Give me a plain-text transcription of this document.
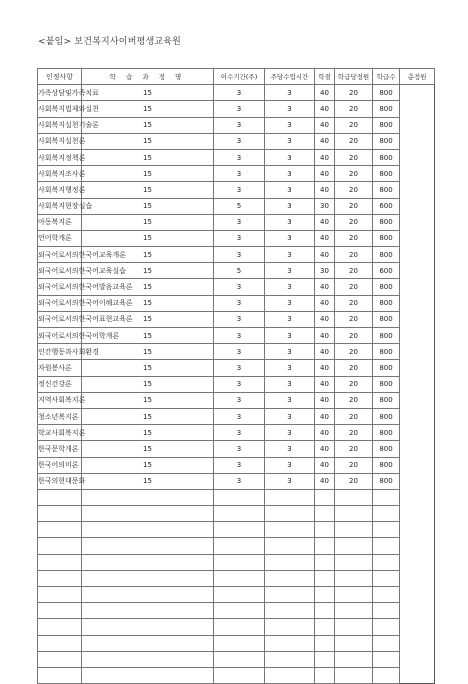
<붙임> 보건복지사이버평생교육원
인정사항	학 습 과 정 명	이수기간(주)	주당수업시간	학점	학급당정원	학급수	총정원
가족상담및가족치료	15	3	3	40	20	800	
사회복지법제와실천	15	3	3	40	20	800	
사회복지실천기술론	15	3	3	40	20	800	
사회복지실천론	15	3	3	40	20	800	
사회복지정책론	15	3	3	40	20	800	
사회복지조사론	15	3	3	40	20	800	
사회복지행정론	15	3	3	40	20	800	
사회복지현장실습	15	5	3	30	20	600	
아동복지론	15	3	3	40	20	800	
언어학개론	15	3	3	40	20	800	
외국어로서의한국어교육개론	15	3	3	40	20	800	
외국어로서의한국어교육실습	15	5	3	30	20	600	
외국어로서의한국어발음교육론	15	3	3	40	20	800	
외국어로서의한국어이해교육론	15	3	3	40	20	800	
외국어로서의한국어표현교육론	15	3	3	40	20	800	
외국어로서의한국어학개론	15	3	3	40	20	800	
인간행동과사회환경	15	3	3	40	20	800	
자원봉사론	15	3	3	40	20	800	
정신건강론	15	3	3	40	20	800	
지역사회복지론	15	3	3	40	20	800	
청소년복지론	15	3	3	40	20	800	
학교사회복지론	15	3	3	40	20	800	
한국문학개론	15	3	3	40	20	800	
한국어의미론	15	3	3	40	20	800	
한국의현대문화	15	3	3	40	20	800	
